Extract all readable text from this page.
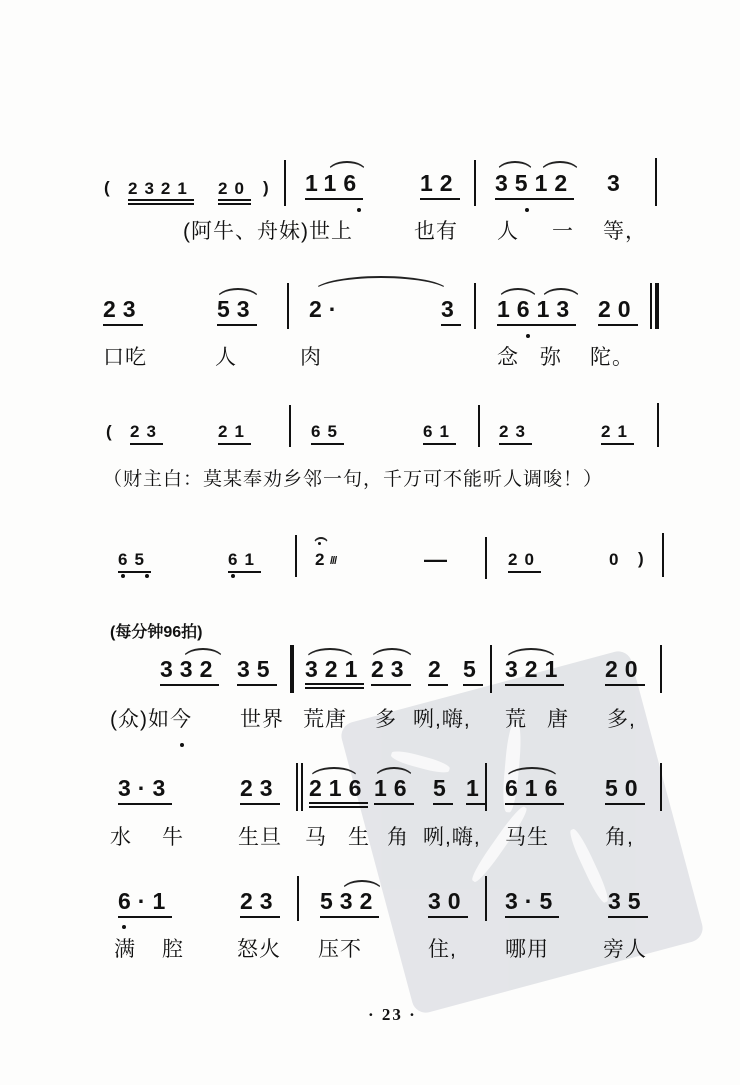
( 2321 20 ) 116 12 3512 3
(阿牛、舟妹)世上	也有 人 一 等，
23	53 2·	3 1613 20
口吃	人	肉	念 弥 陀。
( 23	21	65	61	23	21
（财主白：莫某奉劝乡邻一句，千万可不能听人调唆！）
65	61	2
///	—	20	0 )
(每分钟96拍)
332 35 321 23 2 5 321 20
(众)如今 世界 荒唐 多 咧,嗨, 荒 唐 多,
3·3	23 216 16 5 1 616 50
水 牛	生旦 马 生 角 咧,嗨, 马生	角,
6·1	23 532 30 3·5 35
满 腔	怒火 压不	住, 哪用	旁人
· 23 ·
